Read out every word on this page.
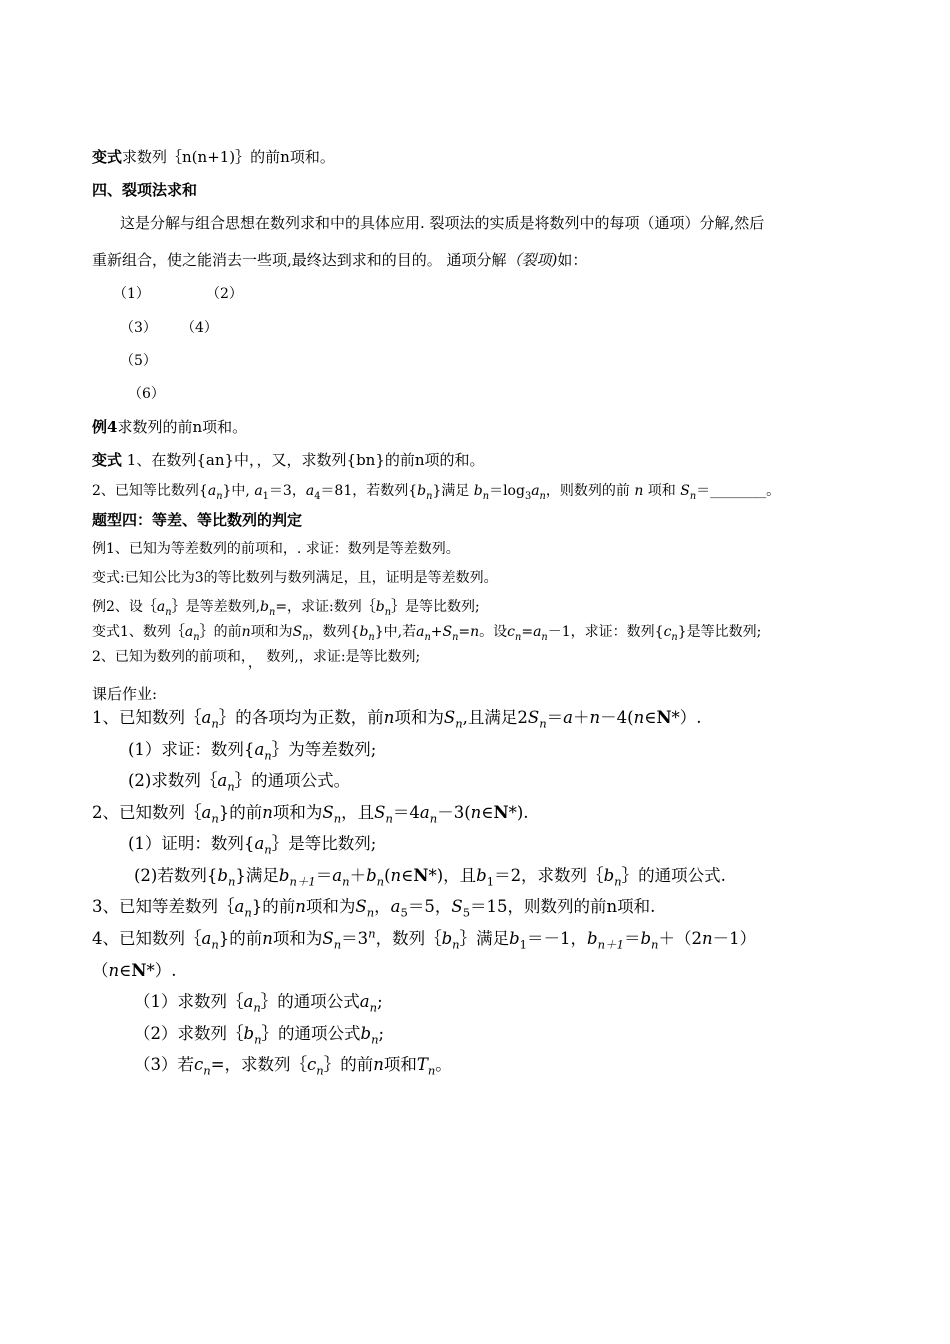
变式求数列｛n(n+1)｝的前n项和。
四、裂项法求和
这是分解与组合思想在数列求和中的具体应用. 裂项法的实质是将数列中的每项（通项）分解,然后
重新组合，使之能消去一些项,最终达到求和的目的。 通项分解（裂项)如：
（1）	（2）
（3） （4）
（5）
（6）
例4求数列的前n项和。
变式 1、在数列{an}中，，又，求数列{bn}的前n项的和。
2、已知等比数列$\{a_n\}$中, $a_1=3$，$a_4=81$，若数列$\{b_n\}$满足 $b_n=\log_3a_n$，则数列的前 n 项和 $S_n=\_\_\_\_\_\_\_\_$。
题型四：等差、等比数列的判定
例1、已知为等差数列的前项和，. 求证：数列是等差数列。
变式:已知公比为3的等比数列与数列满足，且，证明是等差数列。
例2、设$\{a_n\}$是等差数列$,b_n=$，求证:数列$\{b_n\}$是等比数列;
变式1、数列$\{a_n\}$的前n项和为$S_n$，数列$\{b_n\}$中,若$a_n+S_n=n$。设$c_n=a_n-1$，求证：数列$\{c_n\}$是等比数列;
2、已知为数列的前项和，， 数列,，求证:是等比数列;
课后作业:
1、已知数列$\{a_n\}$的各项均为正数，前n项和为$S_n$,且满足$2S_n=a+n-4(n\in N*)$.
(1）求证：数列{$a_n\}$为等差数列;
(2)求数列$\{a_n\}$的通项公式。
2、已知数列$\{a_n$}的前n项和为$S_n$，且$S_n=4a_n-3(n\in N*)$.
(1）证明：数列{$a_n\}$是等比数列;
(2)若数列$\{b_n\}$满足$b_{n+1}=a_n+b_n(n\in N*)$，且$b_1=2$，求数列$\{b_n\}$的通项公式.
3、已知等差数列$\{a_n$}的前n项和为$S_n$，$a_5=5$，$S_5=15$，则数列的前n项和.
4、已知数列$\{a_n$}的前n项和为$S_n=3^n$，数列$\{b_n\}$满足$b_1=-1$，$b_{n+1}=b_n+(2n-1)$
（n∈N*）.
（1）求数列$\{a_n\}$的通项公式$a_n$;
（2）求数列$\{b_n\}$的通项公式$b_n$;
（3）若$c_n=$，求数列$\{c_n\}$的前n项和$T_n$。
